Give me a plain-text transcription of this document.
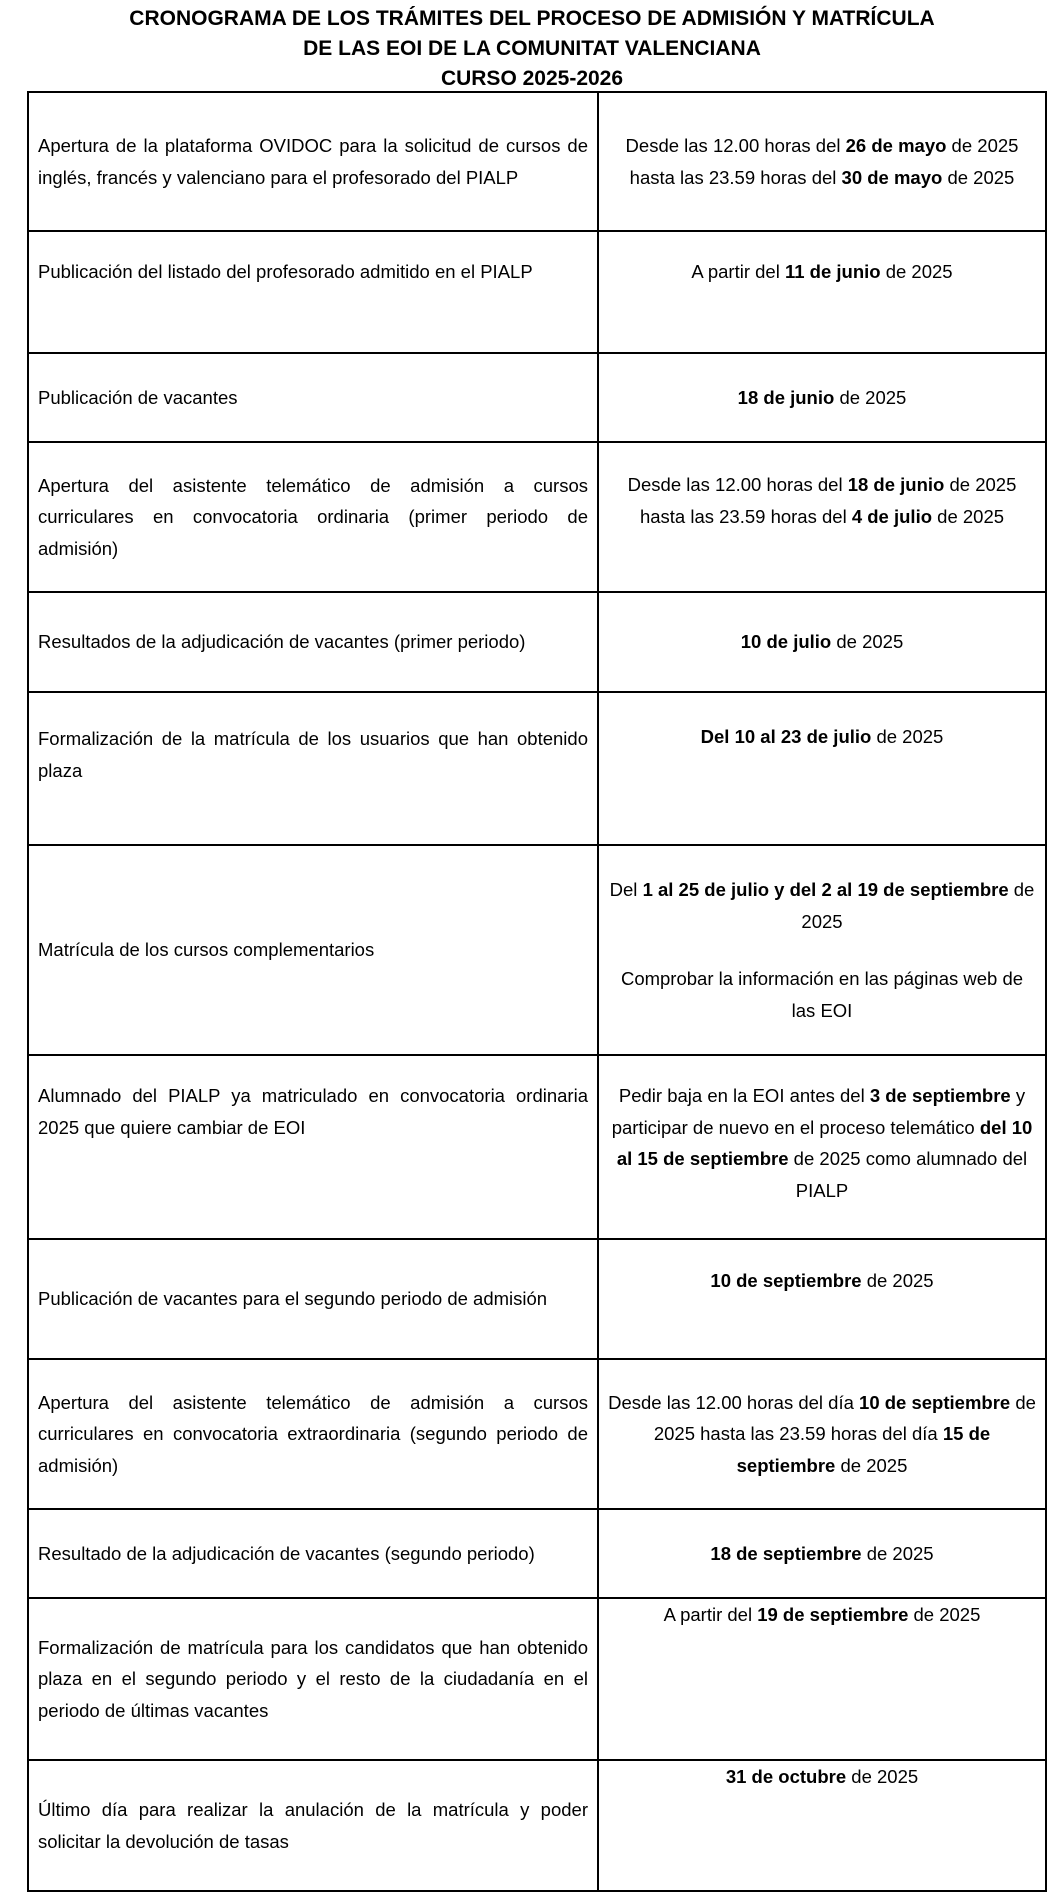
CRONOGRAMA DE LOS TRÁMITES DEL PROCESO DE ADMISIÓN Y MATRÍCULA
DE LAS EOI DE LA COMUNITAT VALENCIANA
CURSO 2025-2026
Apertura de la plataforma OVIDOC para la solicitud de cursos de inglés, francés y valenciano para el profesorado del PIALP	Desde las 12.00 horas del 26 de mayo de 2025 hasta las 23.59 horas del 30 de mayo de 2025
Publicación del listado del profesorado admitido en el PIALP	A partir del 11 de junio de 2025
Publicación de vacantes	18 de junio de 2025
Apertura del asistente telemático de admisión a cursos curriculares en convocatoria ordinaria (primer periodo de admisión)	Desde las 12.00 horas del 18 de junio de 2025 hasta las 23.59 horas del 4 de julio de 2025
Resultados de la adjudicación de vacantes (primer periodo)	10 de julio de 2025
Formalización de la matrícula de los usuarios que han obtenido plaza	Del 10 al 23 de julio de 2025
Matrícula de los cursos complementarios	Del 1 al 25 de julio y del 2 al 19 de septiembre de 2025
Comprobar la información en las páginas web de las EOI
Alumnado del PIALP ya matriculado en convocatoria ordinaria 2025 que quiere cambiar de EOI	Pedir baja en la EOI antes del 3 de septiembre y participar de nuevo en el proceso telemático del 10 al 15 de septiembre de 2025 como alumnado del PIALP
Publicación de vacantes para el segundo periodo de admisión	10 de septiembre de 2025
Apertura del asistente telemático de admisión a cursos curriculares en convocatoria extraordinaria (segundo periodo de admisión)	Desde las 12.00 horas del día 10 de septiembre de 2025 hasta las 23.59 horas del día 15 de septiembre de 2025
Resultado de la adjudicación de vacantes (segundo periodo)	18 de septiembre de 2025
Formalización de matrícula para los candidatos que han obtenido plaza en el segundo periodo y el resto de la ciudadanía en el periodo de últimas vacantes	A partir del 19 de septiembre de 2025
Último día para realizar la anulación de la matrícula y poder solicitar la devolución de tasas	31 de octubre de 2025
